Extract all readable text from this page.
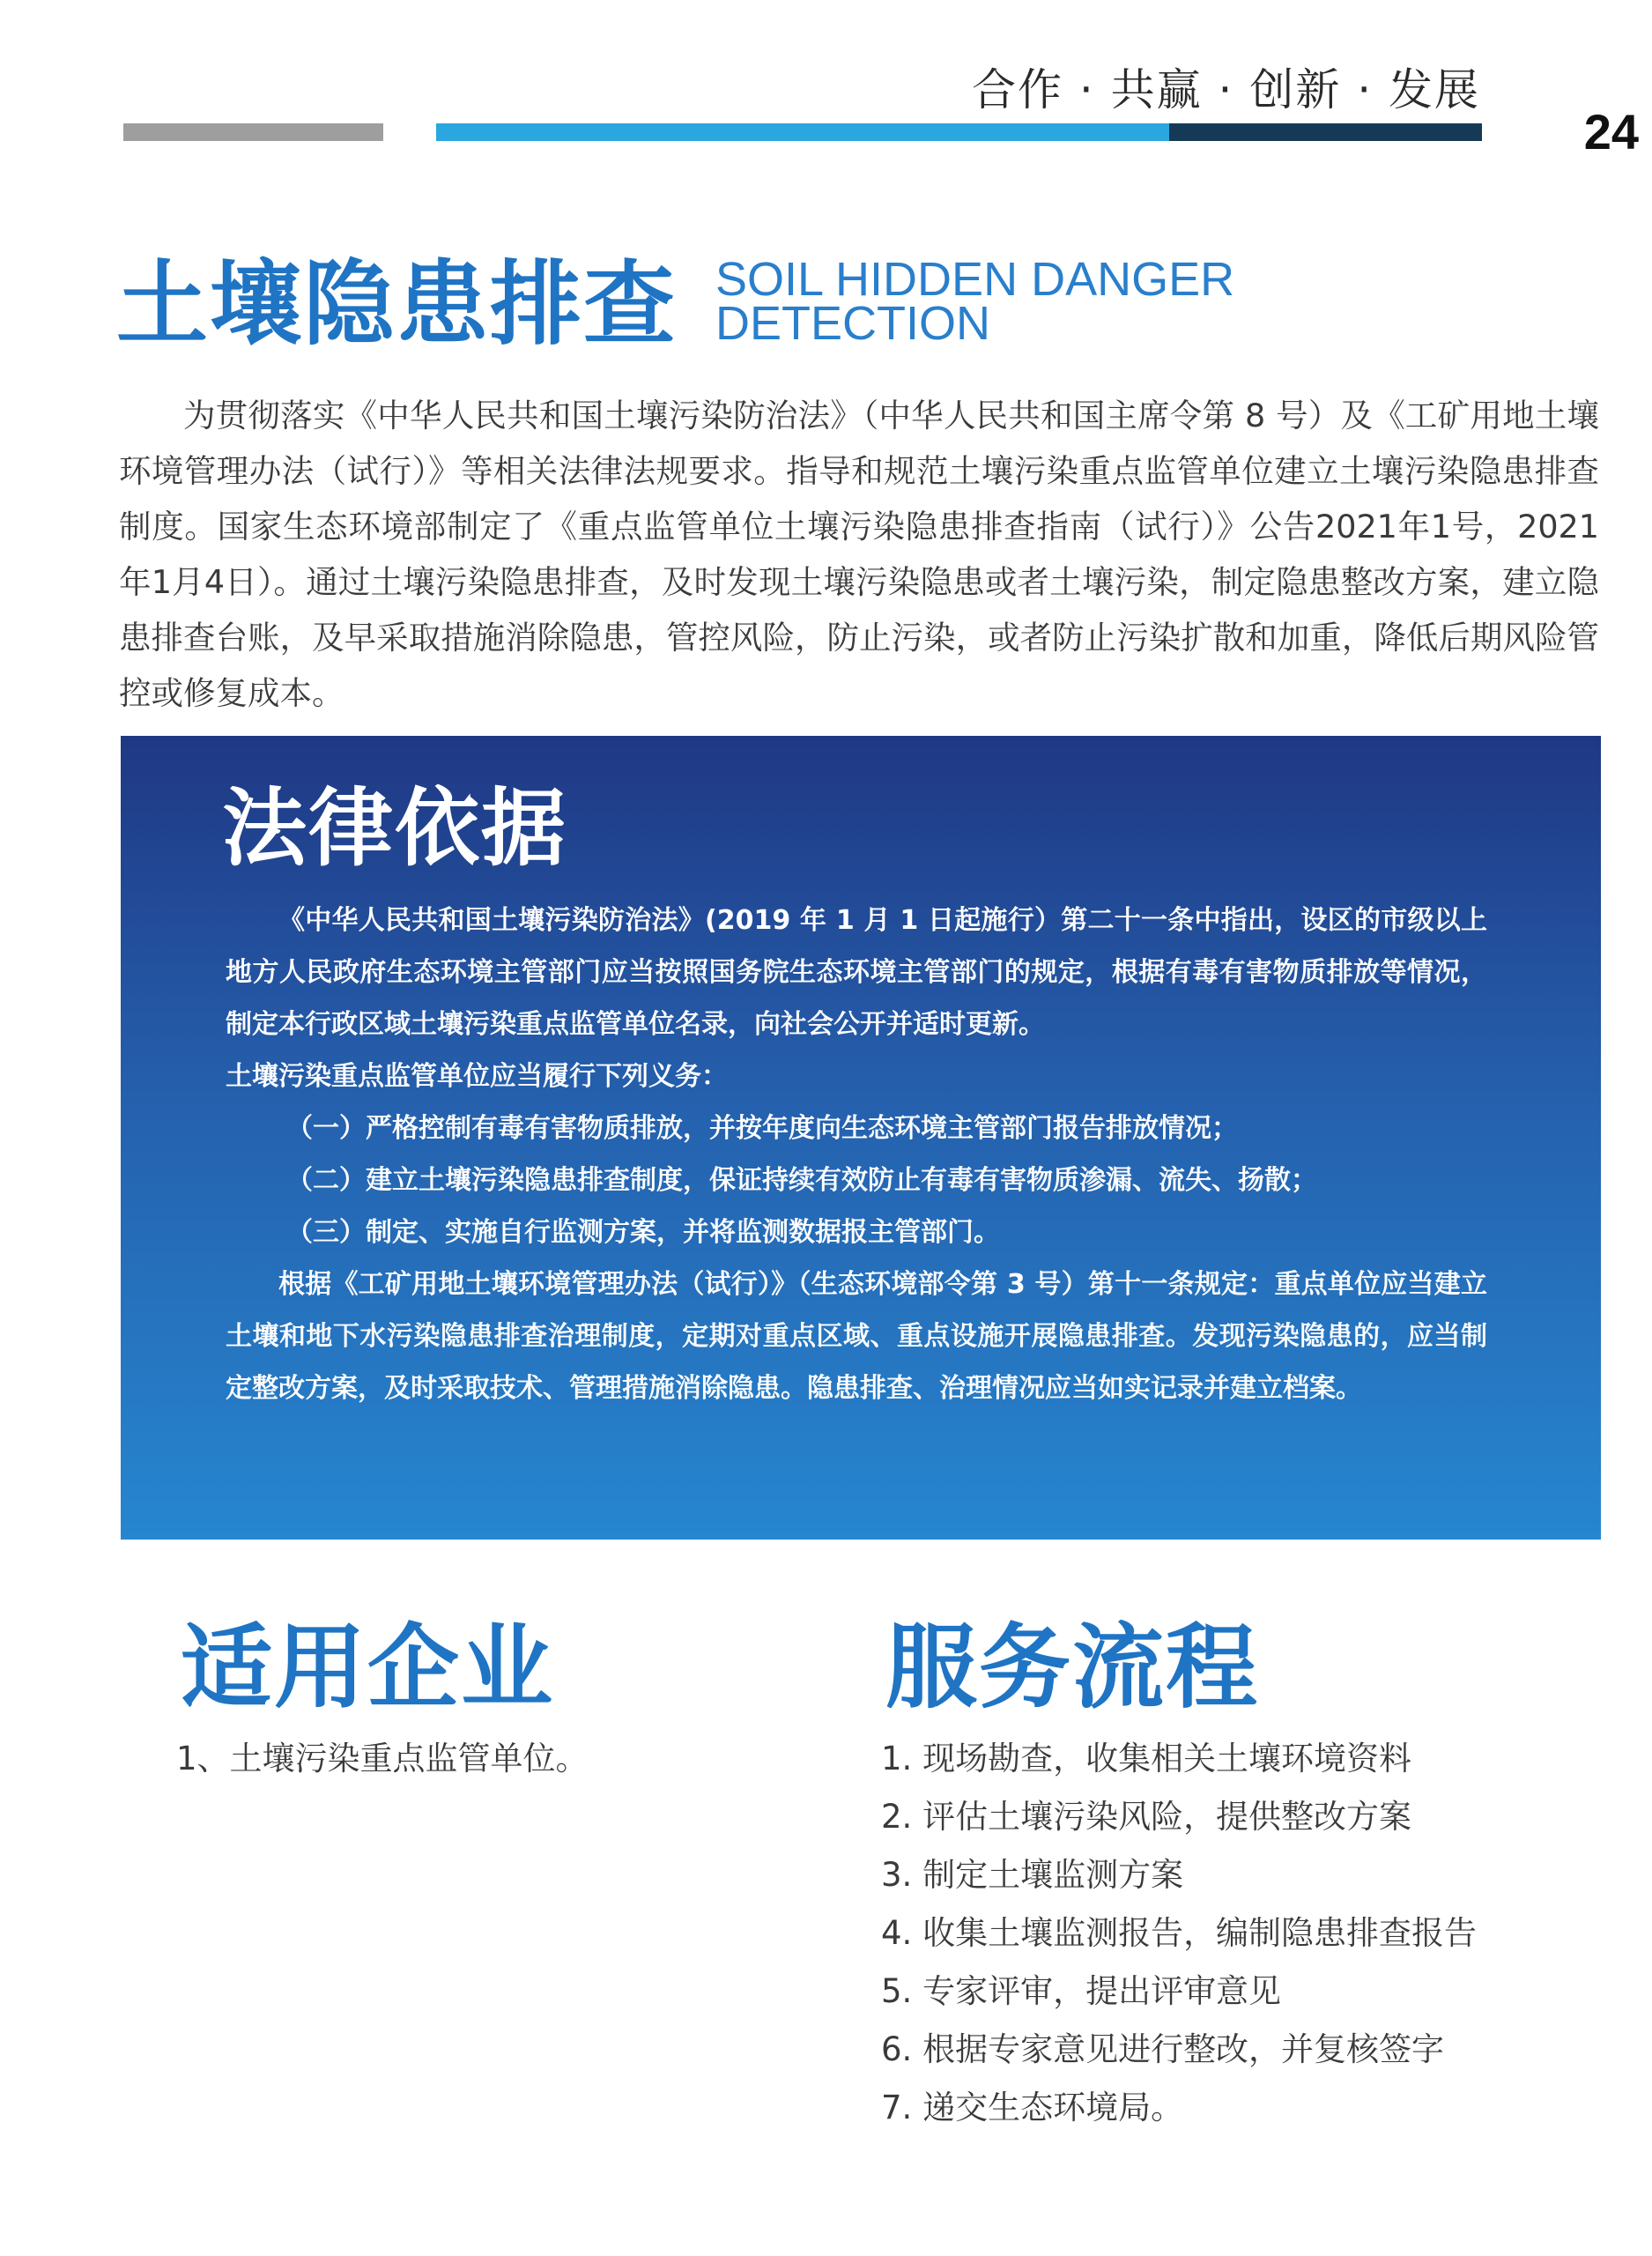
合作 · 共赢 · 创新 · 发展
24
土壤隐患排查 SOIL HIDDEN DANGER
DETECTION

为贯彻落实《中华人民共和国土壤污染防治法》（中华人民共和国主席令第 8 号）及《工矿用地土壤环境管理办法（试行）》等相关法律法规要求。指导和规范土壤污染重点监管单位建立土壤污染隐患排查制度。国家生态环境部制定了《重点监管单位土壤污染隐患排查指南（试行）》公告2021年1号，2021年1月4日）。通过土壤污染隐患排查，及时发现土壤污染隐患或者土壤污染，制定隐患整改方案，建立隐患排查台账，及早采取措施消除隐患，管控风险，防止污染，或者防止污染扩散和加重，降低后期风险管控或修复成本。

法律依据

《中华人民共和国土壤污染防治法》(2019 年 1 月 1 日起施行）第二十一条中指出，设区的市级以上地方人民政府生态环境主管部门应当按照国务院生态环境主管部门的规定，根据有毒有害物质排放等情况，制定本行政区域土壤污染重点监管单位名录，向社会公开并适时更新。

土壤污染重点监管单位应当履行下列义务：

（一）严格控制有毒有害物质排放，并按年度向生态环境主管部门报告排放情况；

（二）建立土壤污染隐患排查制度，保证持续有效防止有毒有害物质渗漏、流失、扬散；

（三）制定、实施自行监测方案，并将监测数据报主管部门。

根据《工矿用地土壤环境管理办法（试行）》（生态环境部令第 3 号）第十一条规定：重点单位应当建立土壤和地下水污染隐患排查治理制度，定期对重点区域、重点设施开展隐患排查。发现污染隐患的，应当制定整改方案，及时采取技术、管理措施消除隐患。隐患排查、治理情况应当如实记录并建立档案。

适用企业
1、土壤污染重点监管单位。
服务流程
1. 现场勘查，收集相关土壤环境资料
2. 评估土壤污染风险，提供整改方案
3. 制定土壤监测方案
4. 收集土壤监测报告，编制隐患排查报告
5. 专家评审，提出评审意见
6. 根据专家意见进行整改，并复核签字
7. 递交生态环境局。
